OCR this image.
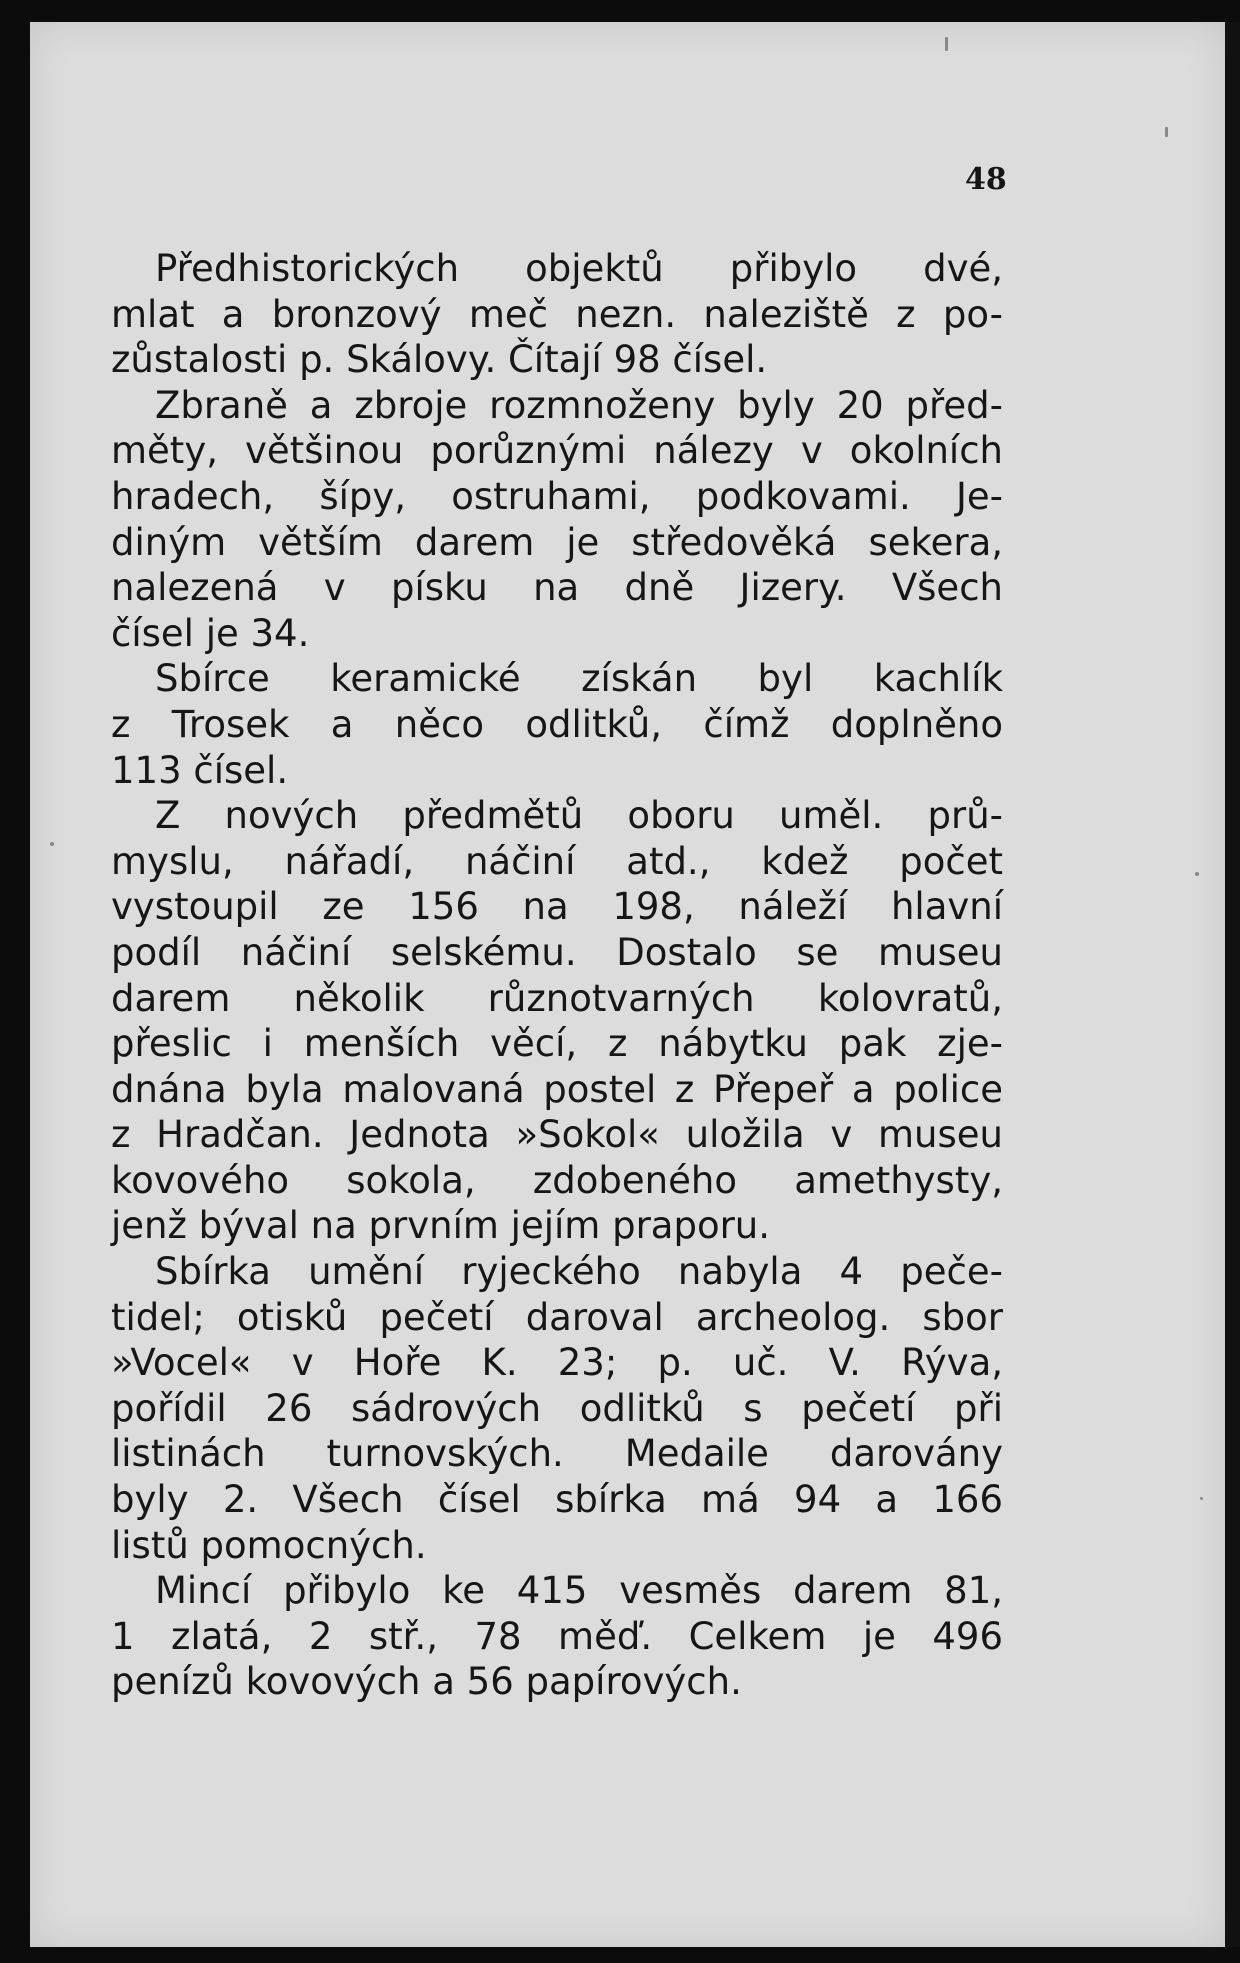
48
Předhistorických objektů přibylo dvé,
mlat a bronzový meč nezn. naleziště z po-
zůstalosti p. Skálovy. Čítají 98 čísel.
Zbraně a zbroje rozmnoženy byly 20 před-
měty, většinou porůznými nálezy v okolních
hradech, šípy, ostruhami, podkovami. Je-
diným větším darem je středověká sekera,
nalezená v písku na dně Jizery. Všech
čísel je 34.
Sbírce keramické získán byl kachlík
z Trosek a něco odlitků, čímž doplněno
113 čísel.
Z nových předmětů oboru uměl. prů-
myslu, nářadí, náčiní atd., kdež počet
vystoupil ze 156 na 198, náleží hlavní
podíl náčiní selskému. Dostalo se museu
darem několik různotvarných kolovratů,
přeslic i menších věcí, z nábytku pak zje-
dnána byla malovaná postel z Přepeř a police
z Hradčan. Jednota »Sokol« uložila v museu
kovového sokola, zdobeného amethysty,
jenž býval na prvním jejím praporu.
Sbírka umění ryjeckého nabyla 4 peče-
tidel; otisků pečetí daroval archeolog. sbor
»Vocel« v Hoře K. 23; p. uč. V. Rýva,
pořídil 26 sádrových odlitků s pečetí při
listinách turnovských. Medaile darovány
byly 2. Všech čísel sbírka má 94 a 166
listů pomocných.
Mincí přibylo ke 415 vesměs darem 81,
1 zlatá, 2 stř., 78 měď. Celkem je 496
penízů kovových a 56 papírových.
